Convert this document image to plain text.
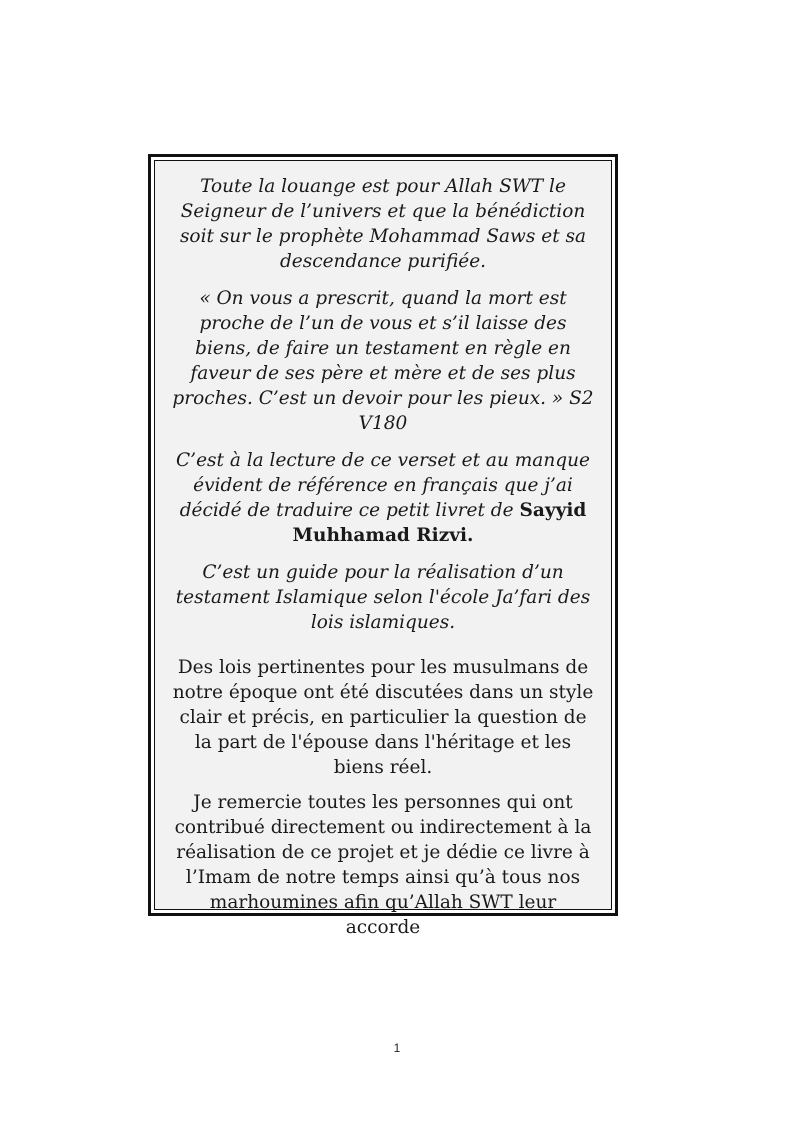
Toute la louange est pour Allah SWT le Seigneur de l’univers et que la bénédiction soit sur le prophète Mohammad Saws et sa descendance purifiée.

« On vous a prescrit, quand la mort est proche de l’un de vous et s’il laisse des biens, de faire un testament en règle en faveur de ses père et mère et de ses plus proches. C’est un devoir pour les pieux. » S2 V180

C’est à la lecture de ce verset et au manque évident de référence en français que j’ai décidé de traduire ce petit livret de Sayyid Muhhamad Rizvi.

C’est un guide pour la réalisation d’un testament Islamique selon l'école Ja’fari des lois islamiques.

Des lois pertinentes pour les musulmans de notre époque ont été discutées dans un style clair et précis, en particulier la question de la part de l'épouse dans l'héritage et les biens réel.

Je remercie toutes les personnes qui ont contribué directement ou indirectement à la réalisation de ce projet et je dédie ce livre à l’Imam de notre temps ainsi qu’à tous nos marhoumines afin qu’Allah SWT leur accorde

1
